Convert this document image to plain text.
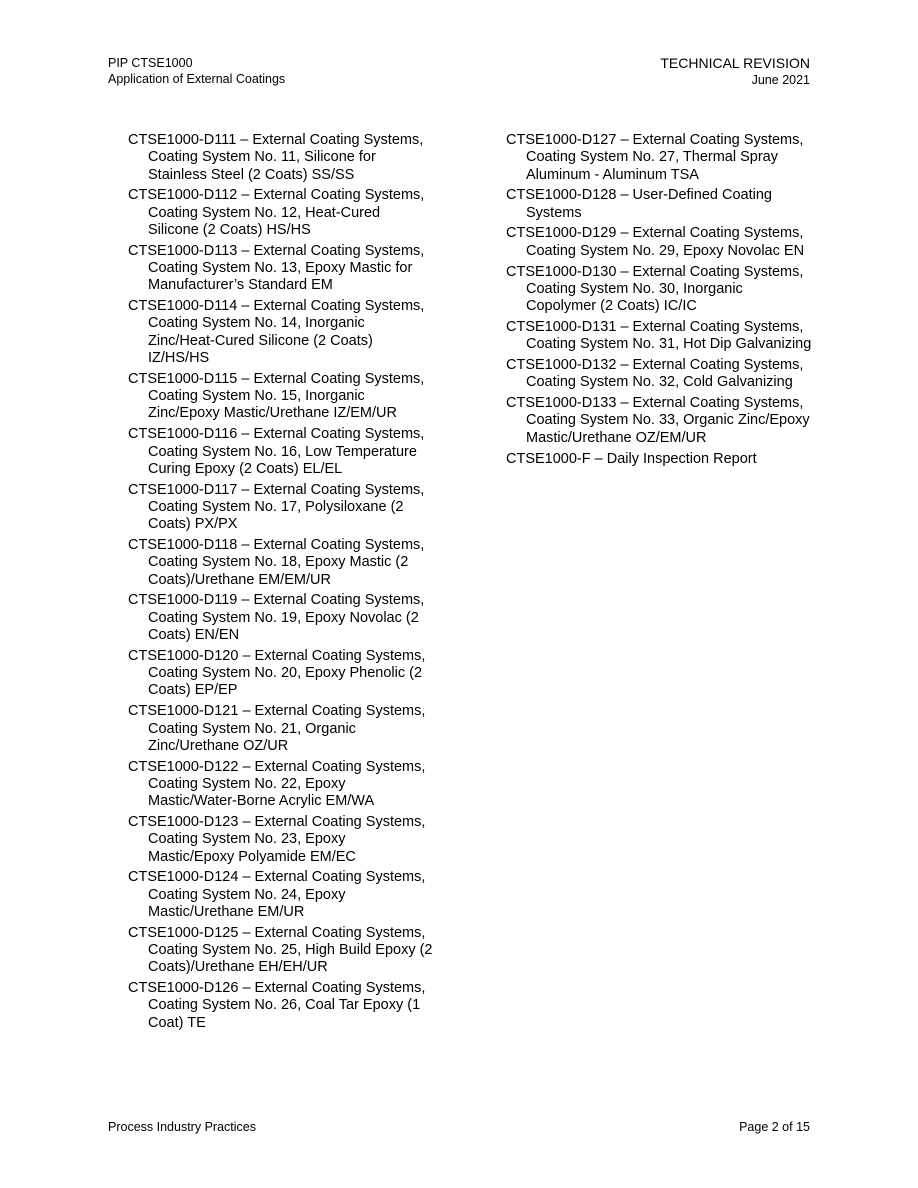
PIP CTSE1000
Application of External Coatings
TECHNICAL REVISION
June 2021
CTSE1000-D111 – External Coating Systems, Coating System No. 11, Silicone for Stainless Steel (2 Coats) SS/SS
CTSE1000-D112 – External Coating Systems, Coating System No. 12, Heat-Cured Silicone (2 Coats) HS/HS
CTSE1000-D113 – External Coating Systems, Coating System No. 13, Epoxy Mastic for Manufacturer’s Standard EM
CTSE1000-D114 – External Coating Systems, Coating System No. 14, Inorganic Zinc/Heat-Cured Silicone (2 Coats) IZ/HS/HS
CTSE1000-D115 – External Coating Systems, Coating System No. 15, Inorganic Zinc/Epoxy Mastic/Urethane IZ/EM/UR
CTSE1000-D116 – External Coating Systems, Coating System No. 16, Low Temperature Curing Epoxy (2 Coats) EL/EL
CTSE1000-D117 – External Coating Systems, Coating System No. 17, Polysiloxane (2 Coats) PX/PX
CTSE1000-D118 – External Coating Systems, Coating System No. 18, Epoxy Mastic (2 Coats)/Urethane EM/EM/UR
CTSE1000-D119 – External Coating Systems, Coating System No. 19, Epoxy Novolac (2 Coats) EN/EN
CTSE1000-D120 – External Coating Systems, Coating System No. 20, Epoxy Phenolic (2 Coats) EP/EP
CTSE1000-D121 – External Coating Systems, Coating System No. 21, Organic Zinc/Urethane OZ/UR
CTSE1000-D122 – External Coating Systems, Coating System No. 22, Epoxy Mastic/Water-Borne Acrylic EM/WA
CTSE1000-D123 – External Coating Systems, Coating System No. 23, Epoxy Mastic/Epoxy Polyamide EM/EC
CTSE1000-D124 – External Coating Systems, Coating System No. 24, Epoxy Mastic/Urethane EM/UR
CTSE1000-D125 – External Coating Systems, Coating System No. 25, High Build Epoxy (2 Coats)/Urethane EH/EH/UR
CTSE1000-D126 – External Coating Systems, Coating System No. 26, Coal Tar Epoxy (1 Coat) TE
CTSE1000-D127 – External Coating Systems, Coating System No. 27, Thermal Spray Aluminum - Aluminum TSA
CTSE1000-D128 – User-Defined Coating Systems
CTSE1000-D129 – External Coating Systems, Coating System No. 29, Epoxy Novolac EN
CTSE1000-D130 – External Coating Systems, Coating System No. 30, Inorganic Copolymer (2 Coats) IC/IC
CTSE1000-D131 – External Coating Systems, Coating System No. 31, Hot Dip Galvanizing
CTSE1000-D132 – External Coating Systems, Coating System No. 32, Cold Galvanizing
CTSE1000-D133 – External Coating Systems, Coating System No. 33, Organic Zinc/Epoxy Mastic/Urethane OZ/EM/UR
CTSE1000-F – Daily Inspection Report
Process Industry Practices	Page 2 of 15
